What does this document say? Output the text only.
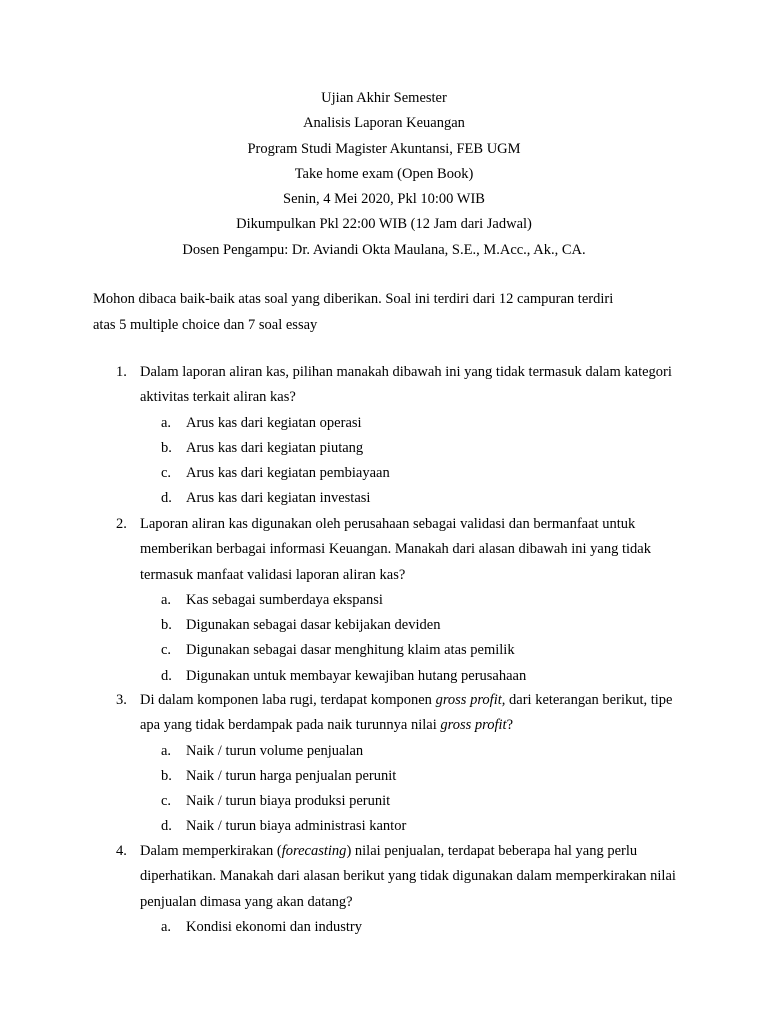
Ujian Akhir Semester
Analisis Laporan Keuangan
Program Studi Magister Akuntansi, FEB UGM
Take home exam (Open Book)
Senin, 4 Mei 2020, Pkl 10:00 WIB
Dikumpulkan Pkl 22:00 WIB (12 Jam dari Jadwal)
Dosen Pengampu: Dr. Aviandi Okta Maulana, S.E., M.Acc., Ak., CA.
Mohon dibaca baik-baik atas soal yang diberikan. Soal ini terdiri dari 12 campuran terdiri
atas 5 multiple choice dan 7 soal essay
1. Dalam laporan aliran kas, pilihan manakah dibawah ini yang tidak termasuk dalam kategori aktivitas terkait aliran kas?
a. Arus kas dari kegiatan operasi
b. Arus kas dari kegiatan piutang
c. Arus kas dari kegiatan pembiayaan
d. Arus kas dari kegiatan investasi
2. Laporan aliran kas digunakan oleh perusahaan sebagai validasi dan bermanfaat untuk memberikan berbagai informasi Keuangan. Manakah dari alasan dibawah ini yang tidak termasuk manfaat validasi laporan aliran kas?
a. Kas sebagai sumberdaya ekspansi
b. Digunakan sebagai dasar kebijakan deviden
c. Digunakan sebagai dasar menghitung klaim atas pemilik
d. Digunakan untuk membayar kewajiban hutang perusahaan
3. Di dalam komponen laba rugi, terdapat komponen gross profit, dari keterangan berikut, tipe apa yang tidak berdampak pada naik turunnya nilai gross profit?
a. Naik / turun volume penjualan
b. Naik / turun harga penjualan perunit
c. Naik / turun biaya produksi perunit
d. Naik / turun biaya administrasi kantor
4. Dalam memperkirakan (forecasting) nilai penjualan, terdapat beberapa hal yang perlu diperhatikan. Manakah dari alasan berikut yang tidak digunakan dalam memperkirakan nilai penjualan dimasa yang akan datang?
a. Kondisi ekonomi dan industry
